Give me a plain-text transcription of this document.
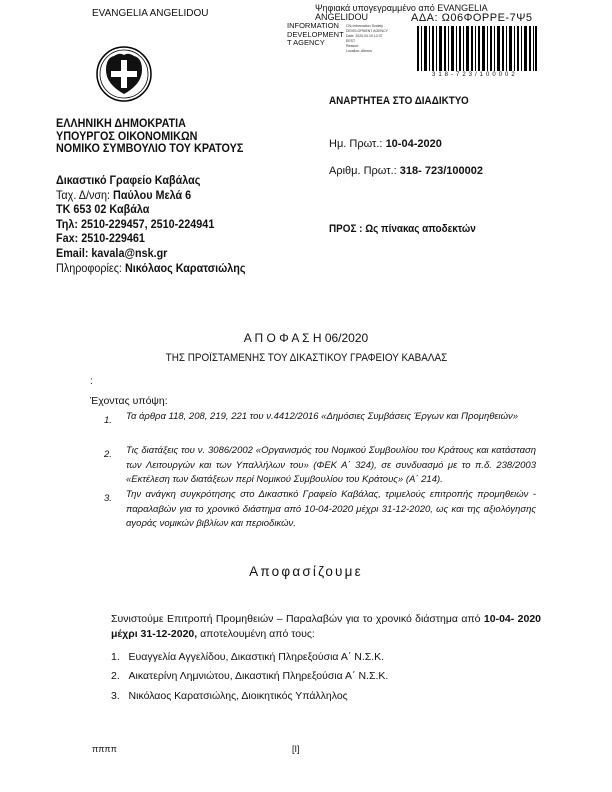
EVANGELIA ANGELIDOU	Ψηφιακά υπογεγραμμένο από EVANGELIA ANGELIDOU
INFORMATION
DEVELOPMENT
T AGENCY
CN=Information Society
DEVELOPMENT AGENCY
Date: 2020.04.10 13:37
EEST
Reason:
Location: Athens
ΑΔΑ: Ω06ΦΟΡΡΕ-7Ψ5
318-723/100002
ΕΛΛΗΝΙΚΗ ΔΗΜΟΚΡΑΤΙΑ
ΥΠΟΥΡΓΟΣ ΟΙΚΟΝΟΜΙΚΩΝ
ΝΟΜΙΚΟ ΣΥΜΒΟΥΛΙΟ ΤΟΥ ΚΡΑΤΟΥΣ
Δικαστικό Γραφείο Καβάλας
Ταχ. Δ/νση: Παύλου Μελά 6
ΤΚ 653 02 Καβάλα
Τηλ: 2510-229457, 2510-224941
Fax: 2510-229461
Email: kavala@nsk.gr
Πληροφορίες: Νικόλαος Καρατσιώλης
ΑΝΑΡΤΗΤΕΑ ΣΤΟ ΔΙΑΔΙΚΤΥΟ
Ημ. Πρωτ.: 10-04-2020
Αριθμ. Πρωτ.: 318- 723/100002
ΠΡΟΣ : Ως πίνακας αποδεκτών
Α Π Ο Φ Α Σ Η 06/2020
ΤΗΣ ΠΡΟΪΣΤΑΜΕΝΗΣ ΤΟΥ ΔΙΚΑΣΤΙΚΟΥ ΓΡΑΦΕΙΟΥ ΚΑΒΑΛΑΣ
:
Έχοντας υπόψη:
1. Τα άρθρα 118, 208, 219, 221 του ν.4412/2016 «Δημόσιες Συμβάσεις Έργων και Προμηθειών»
2. Τις διατάξεις του ν. 3086/2002 «Οργανισμός του Νομικού Συμβουλίου του Κράτους και κατάσταση των Λειτουργών και των Υπαλλήλων του» (ΦΕΚ Α΄ 324), σε συνδυασμό με το π.δ. 238/2003 «Εκτέλεση των διατάξεων περί Νομικού Συμβουλίου του Κράτους» (Α΄ 214).
3. Την ανάγκη συγκρότησης στο Δικαστικό Γραφείο Καβάλας, τριμελούς επιτροπής προμηθειών - παραλαβών για το χρονικό διάστημα από 10-04-2020 μέχρι 31-12-2020, ως και της αξιολόγησης αγοράς νομικών βιβλίων και περιοδικών.
Αποφασίζουμε
Συνιστούμε Επιτροπή Προμηθειών – Παραλαβών για το χρονικό διάστημα από 10-04- 2020 μέχρι 31-12-2020, αποτελουμένη από τους:
1. Ευαγγελία Αγγελίδου, Δικαστική Πληρεξούσια Α΄ Ν.Σ.Κ.
2. Αικατερίνη Λημνιώτου, Δικαστική Πληρεξούσια Α΄ Ν.Σ.Κ.
3. Νικόλαος Καρατσιώλης, Διοικητικός Υπάλληλος
ππππ	[I]
